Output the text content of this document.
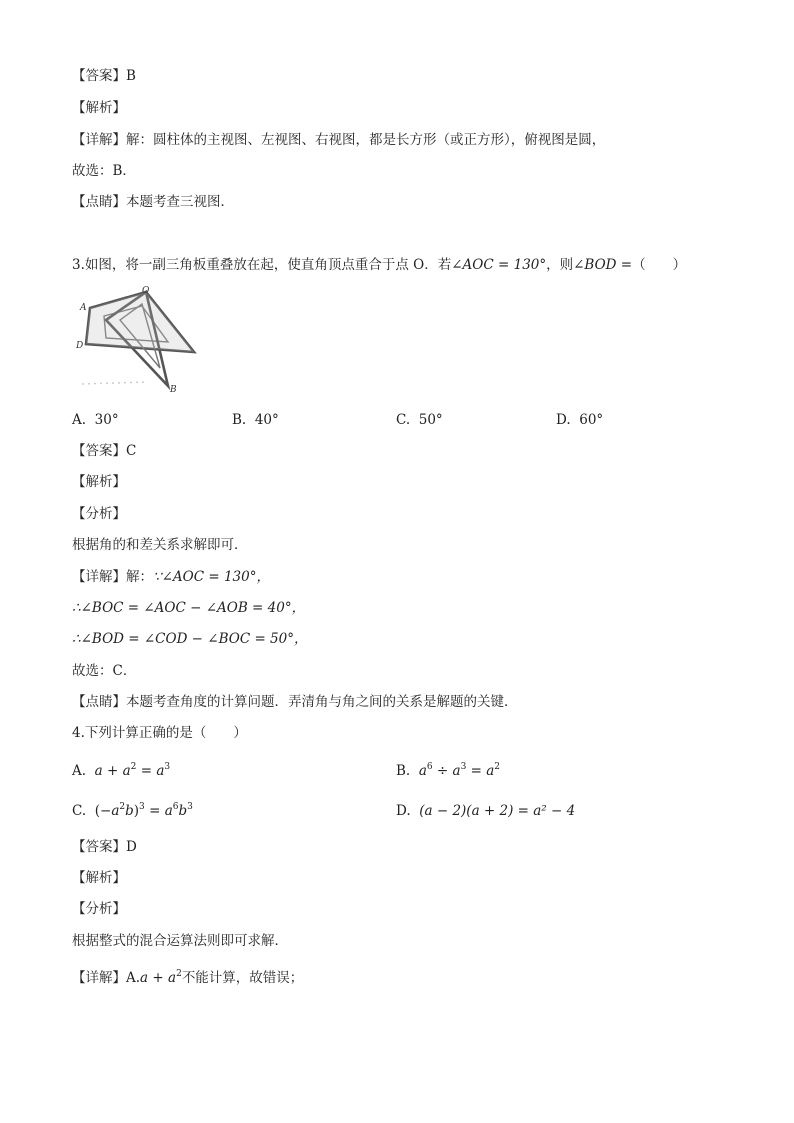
【答案】B
【解析】
【详解】解：圆柱体的主视图、左视图、右视图，都是长方形（或正方形），俯视图是圆，
故选：B．
【点睛】本题考查三视图．
3.如图，将一副三角板重叠放在起，使直角顶点重合于点 O．若∠AOC = 130°，则∠BOD =（　　）
O
A
D
B
A. 30°	B. 40°	C. 50°	D. 60°
【答案】C
【解析】
【分析】
根据角的和差关系求解即可．
【详解】解：∵∠AOC = 130°，
∴∠BOC = ∠AOC − ∠AOB = 40°，
∴∠BOD = ∠COD − ∠BOC = 50°，
故选：C．
【点睛】本题考查角度的计算问题．弄清角与角之间的关系是解题的关键．
4.下列计算正确的是（　　）
A. $a + a^2 = a^3$	B. $a^6 \div a^3 = a^2$
C.  $(-a^2b)^3 = a^6b^3$	D. (a − 2)(a + 2) = a² − 4
【答案】D
【解析】
【分析】
根据整式的混合运算法则即可求解．
【详解】$A.a + a^2$不能计算，故错误；
